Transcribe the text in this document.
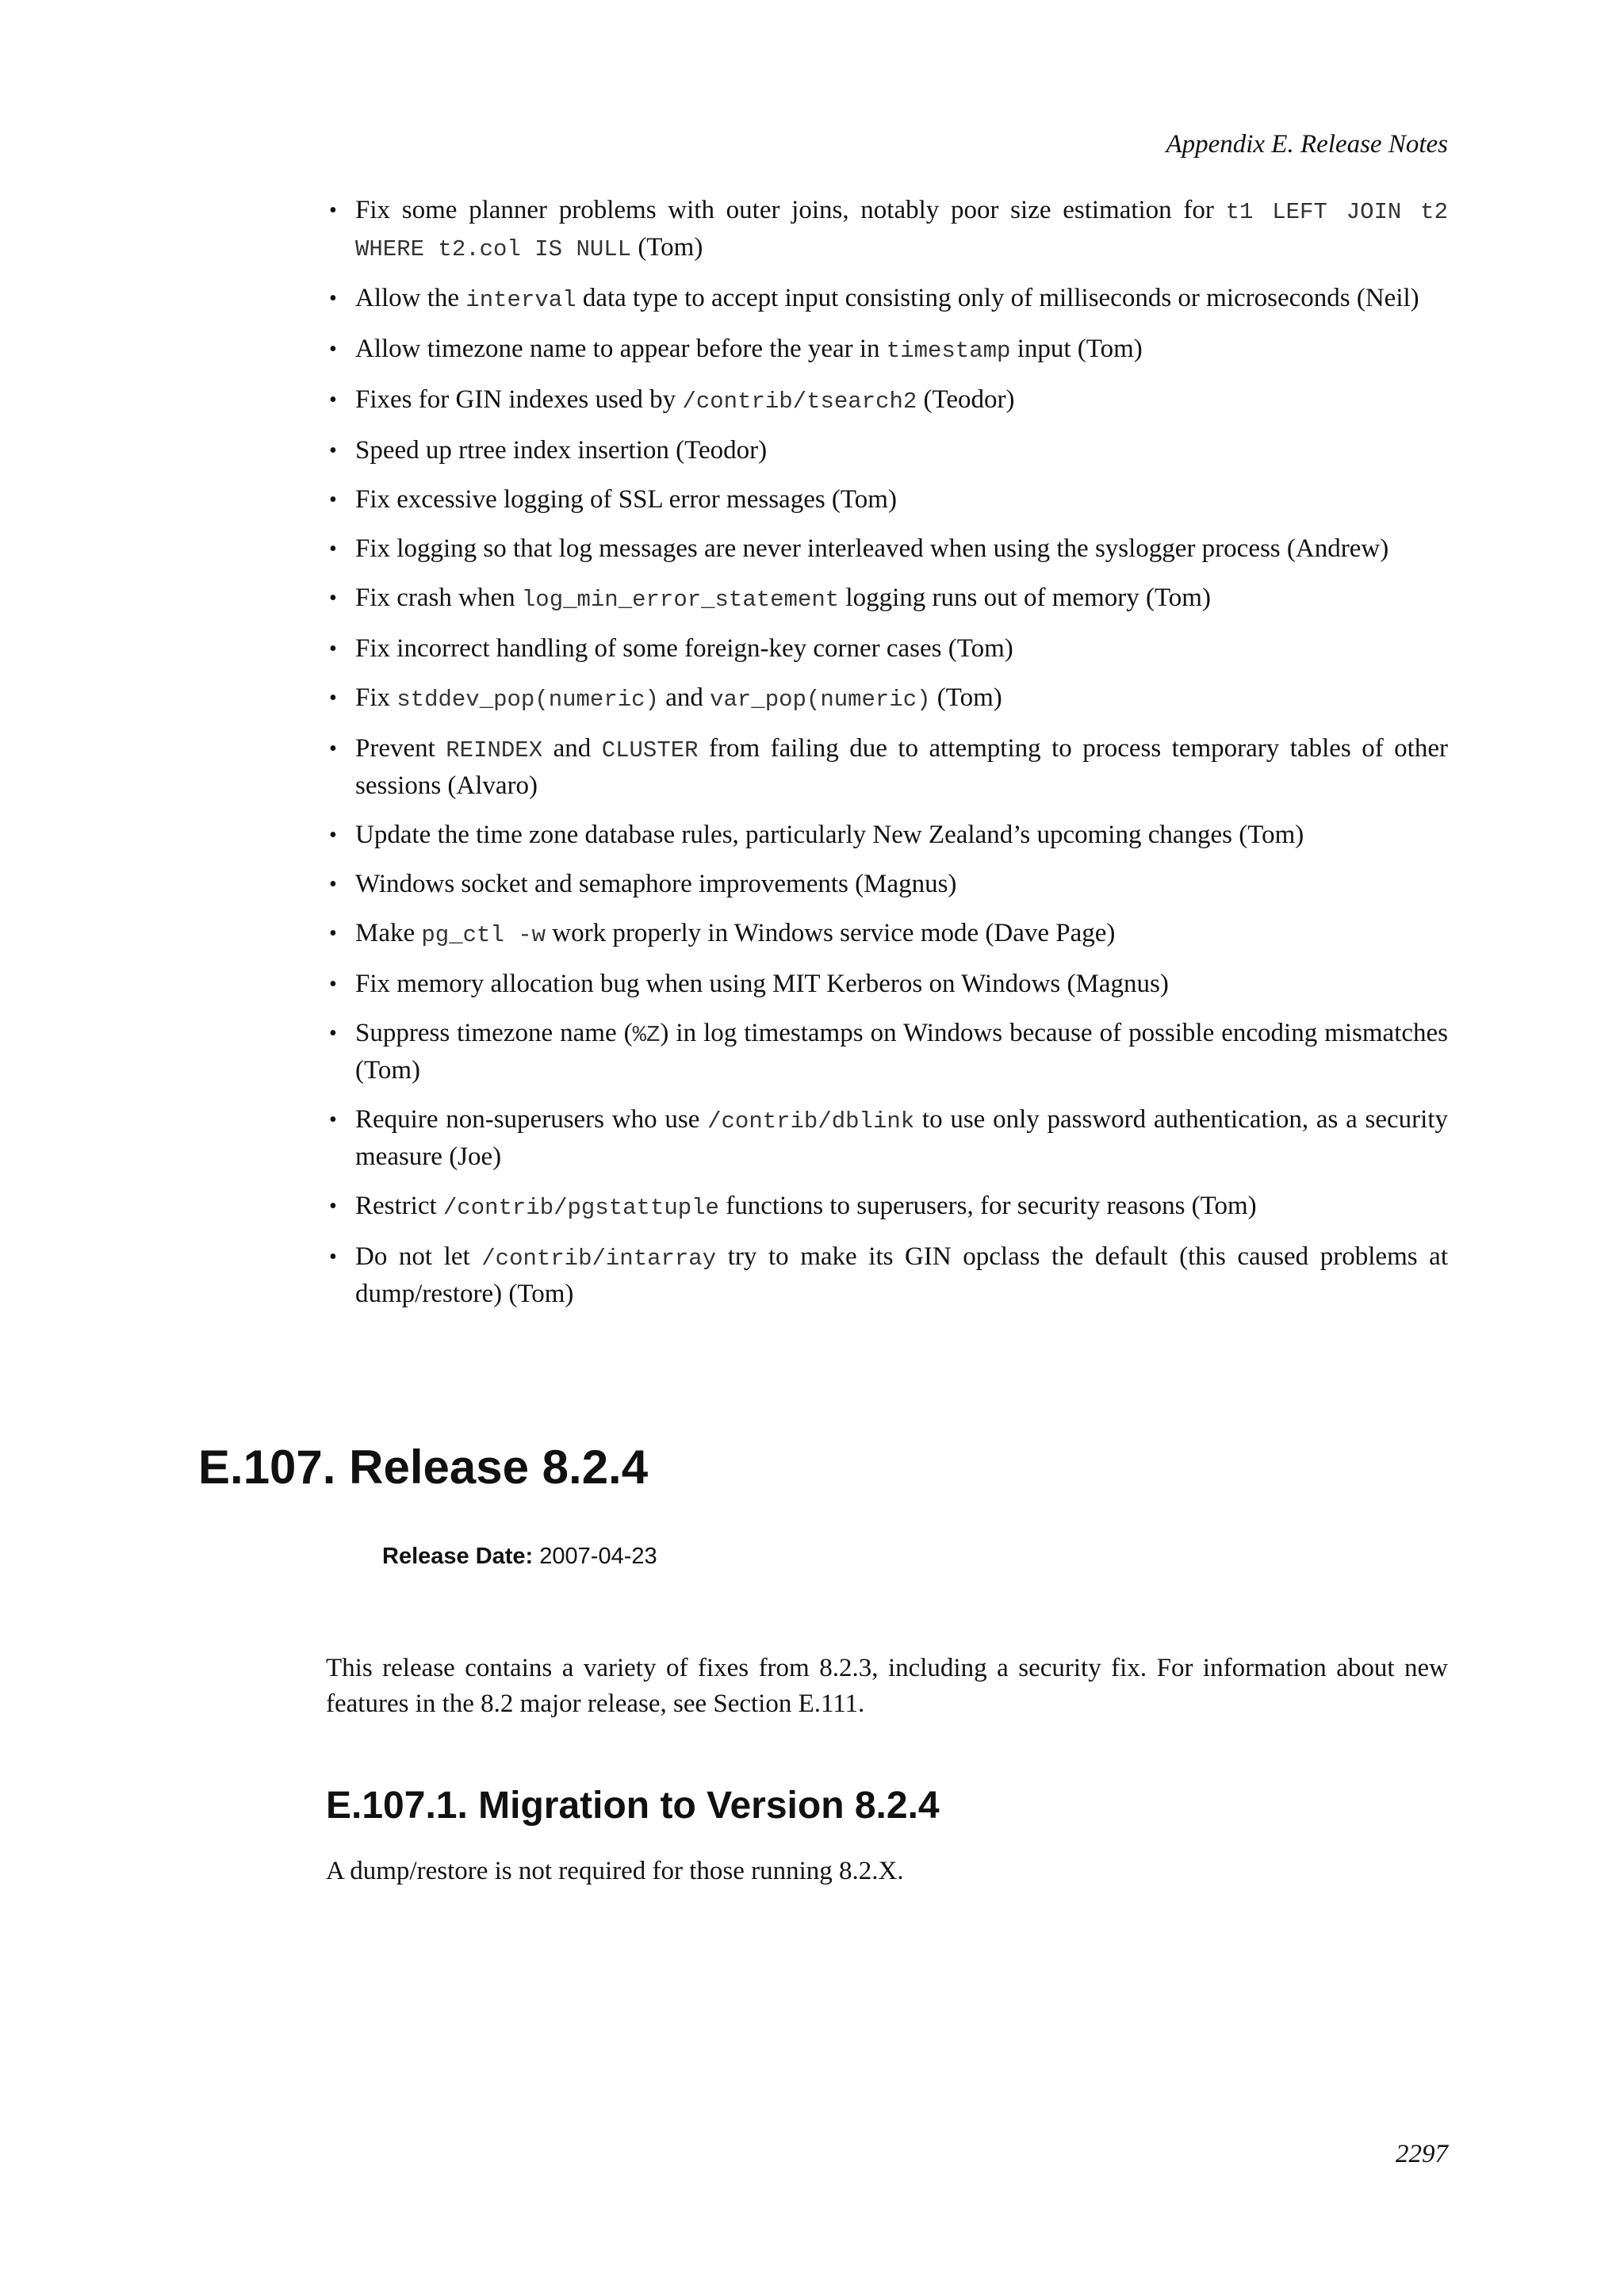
Appendix E. Release Notes
• Fix some planner problems with outer joins, notably poor size estimation for t1 LEFT JOIN t2 WHERE t2.col IS NULL (Tom)
• Allow the interval data type to accept input consisting only of milliseconds or microseconds (Neil)
• Allow timezone name to appear before the year in timestamp input (Tom)
• Fixes for GIN indexes used by /contrib/tsearch2 (Teodor)
• Speed up rtree index insertion (Teodor)
• Fix excessive logging of SSL error messages (Tom)
• Fix logging so that log messages are never interleaved when using the syslogger process (Andrew)
• Fix crash when log_min_error_statement logging runs out of memory (Tom)
• Fix incorrect handling of some foreign-key corner cases (Tom)
• Fix stddev_pop(numeric) and var_pop(numeric) (Tom)
• Prevent REINDEX and CLUSTER from failing due to attempting to process temporary tables of other sessions (Alvaro)
• Update the time zone database rules, particularly New Zealand’s upcoming changes (Tom)
• Windows socket and semaphore improvements (Magnus)
• Make pg_ctl -w work properly in Windows service mode (Dave Page)
• Fix memory allocation bug when using MIT Kerberos on Windows (Magnus)
• Suppress timezone name (%Z) in log timestamps on Windows because of possible encoding mismatches (Tom)
• Require non-superusers who use /contrib/dblink to use only password authentication, as a security measure (Joe)
• Restrict /contrib/pgstattuple functions to superusers, for security reasons (Tom)
• Do not let /contrib/intarray try to make its GIN opclass the default (this caused problems at dump/restore) (Tom)
E.107. Release 8.2.4
Release Date: 2007-04-23

This release contains a variety of fixes from 8.2.3, including a security fix. For information about new features in the 8.2 major release, see Section E.111.

E.107.1. Migration to Version 8.2.4

A dump/restore is not required for those running 8.2.X.

2297
